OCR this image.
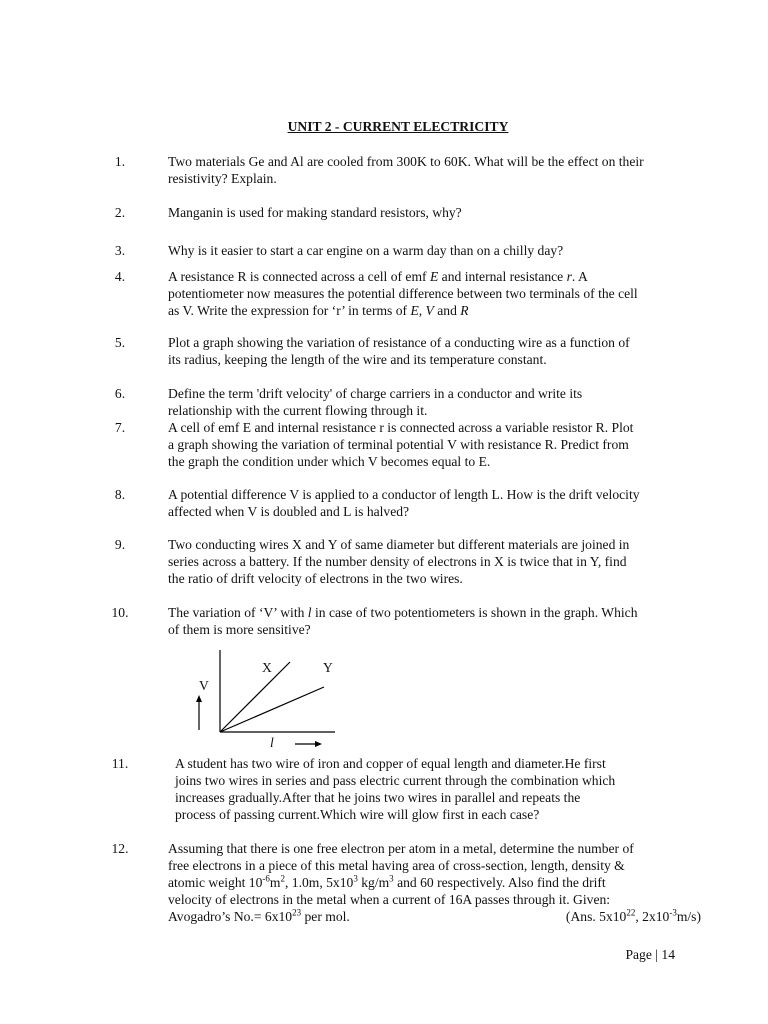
UNIT 2 - CURRENT ELECTRICITY
1.	Two materials Ge and Al are cooled from 300K to 60K. What will be the effect on their
resistivity? Explain.
2.	Manganin is used for making standard resistors, why?
3.	Why is it easier to start a car engine on a warm day than on a chilly day?
4.	A resistance R is connected across a cell of emf E and internal resistance r. A
potentiometer now measures the potential difference between two terminals of the cell
as V. Write the expression for ‘r’ in terms of E, V and R
5.	Plot a graph showing the variation of resistance of a conducting wire as a function of
its radius, keeping the length of the wire and its temperature constant.
6.	Define the term 'drift velocity' of charge carriers in a conductor and write its
relationship with the current flowing through it.
7.	A cell of emf E and internal resistance r is connected across a variable resistor R. Plot
a graph showing the variation of terminal potential V with resistance R. Predict from
the graph the condition under which V becomes equal to E.
8.	A potential difference V is applied to a conductor of length L. How is the drift velocity
affected when V is doubled and L is halved?
9.	Two conducting wires X and Y of same diameter but different materials are joined in
series across a battery. If the number density of electrons in X is twice that in Y, find
the ratio of drift velocity of electrons in the two wires.
10.	The variation of ‘V’ with l in case of two potentiometers is shown in the graph. Which
of them is more sensitive?
V
l
X	Y
11.	A student has two wire of iron and copper of equal length and diameter.He first
joins two wires in series and pass electric current through the combination which
increases gradually.After that he joins two wires in parallel and repeats the
process of passing current.Which wire will glow first in each case?
12.	Assuming that there is one free electron per atom in a metal, determine the number of
free electrons in a piece of this metal having area of cross-section, length, density &
atomic weight $10^{-6}m^2$, 1.0m, $5x10^3$ $kg/m^3$ and 60 respectively. Also find the drift
velocity of electrons in the metal when a current of 16A passes through it. Given:
Avogadro’s $No.= 6x10^{23}$ per mol.	(Ans. $5x10^{22}$, $2x10^{-3}m/s$)
Page | 14
